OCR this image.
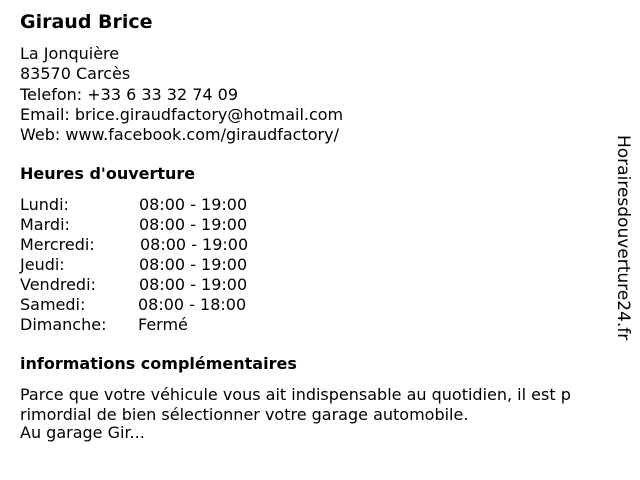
Giraud Brice
La Jonquière
83570 Carcès
Telefon: +33 6 33 32 74 09
Email: brice.giraudfactory@hotmail.com
Web: www.facebook.com/giraudfactory/
Heures d'ouverture
Lundi:	08:00 - 19:00
Mardi:	08:00 - 19:00
Mercredi:	08:00 - 19:00
Jeudi:	08:00 - 19:00
Vendredi:	08:00 - 19:00
Samedi:	08:00 - 18:00
Dimanche: Fermé
informations complémentaires
Parce que votre véhicule vous ait indispensable au quotidien, il est p
rimordial de bien sélectionner votre garage automobile.
Au garage Gir...
Horairesdouverture24.fr
